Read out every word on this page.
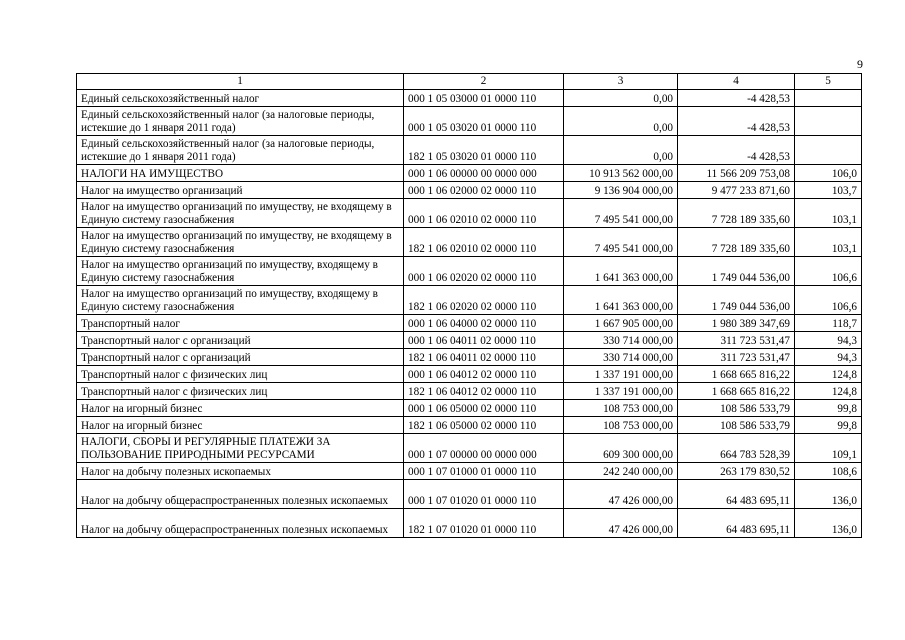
9
1	2	3	4	5
Единый сельскохозяйственный налог	000 1 05 03000 01 0000 110	0,00	-4 428,53	
Единый сельскохозяйственный налог (за налоговые периоды, истекшие до 1 января 2011 года)	000 1 05 03020 01 0000 110	0,00	-4 428,53	
Единый сельскохозяйственный налог (за налоговые периоды, истекшие до 1 января 2011 года)	182 1 05 03020 01 0000 110	0,00	-4 428,53	
НАЛОГИ НА ИМУЩЕСТВО	000 1 06 00000 00 0000 000	10 913 562 000,00	11 566 209 753,08	106,0
Налог на имущество организаций	000 1 06 02000 02 0000 110	9 136 904 000,00	9 477 233 871,60	103,7
Налог на имущество организаций по имуществу, не входящему в Единую систему газоснабжения	000 1 06 02010 02 0000 110	7 495 541 000,00	7 728 189 335,60	103,1
Налог на имущество организаций по имуществу, не входящему в Единую систему газоснабжения	182 1 06 02010 02 0000 110	7 495 541 000,00	7 728 189 335,60	103,1
Налог на имущество организаций по имуществу, входящему в Единую систему газоснабжения	000 1 06 02020 02 0000 110	1 641 363 000,00	1 749 044 536,00	106,6
Налог на имущество организаций по имуществу, входящему в Единую систему газоснабжения	182 1 06 02020 02 0000 110	1 641 363 000,00	1 749 044 536,00	106,6
Транспортный налог	000 1 06 04000 02 0000 110	1 667 905 000,00	1 980 389 347,69	118,7
Транспортный налог с организаций	000 1 06 04011 02 0000 110	330 714 000,00	311 723 531,47	94,3
Транспортный налог с организаций	182 1 06 04011 02 0000 110	330 714 000,00	311 723 531,47	94,3
Транспортный налог с физических лиц	000 1 06 04012 02 0000 110	1 337 191 000,00	1 668 665 816,22	124,8
Транспортный налог с физических лиц	182 1 06 04012 02 0000 110	1 337 191 000,00	1 668 665 816,22	124,8
Налог на игорный бизнес	000 1 06 05000 02 0000 110	108 753 000,00	108 586 533,79	99,8
Налог на игорный бизнес	182 1 06 05000 02 0000 110	108 753 000,00	108 586 533,79	99,8
НАЛОГИ, СБОРЫ И РЕГУЛЯРНЫЕ ПЛАТЕЖИ ЗА ПОЛЬЗОВАНИЕ ПРИРОДНЫМИ РЕСУРСАМИ	000 1 07 00000 00 0000 000	609 300 000,00	664 783 528,39	109,1
Налог на добычу полезных ископаемых	000 1 07 01000 01 0000 110	242 240 000,00	263 179 830,52	108,6
Налог на добычу общераспространенных полезных ископаемых	000 1 07 01020 01 0000 110	47 426 000,00	64 483 695,11	136,0
Налог на добычу общераспространенных полезных ископаемых	182 1 07 01020 01 0000 110	47 426 000,00	64 483 695,11	136,0
